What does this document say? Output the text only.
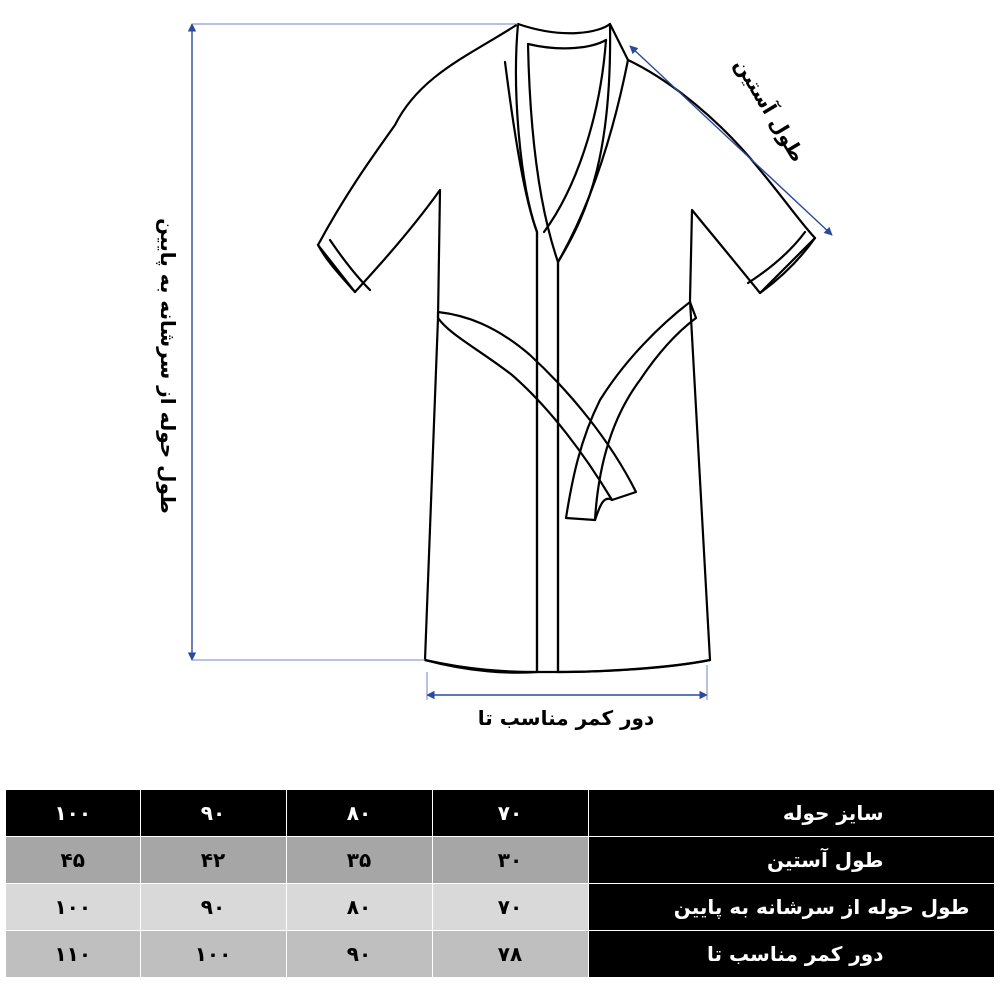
طول حوله از سرشانه به پایین
طول آستین
دور کمر مناسب تا
١٠٠	٩٠	٨٠	٧٠	سایز حوله
۴۵	۴٢	٣۵	٣٠	طول آستین
١٠٠	٩٠	٨٠	٧٠	طول حوله از سرشانه به پایین
١١٠	١٠٠	٩٠	٧٨	دور کمر مناسب تا
